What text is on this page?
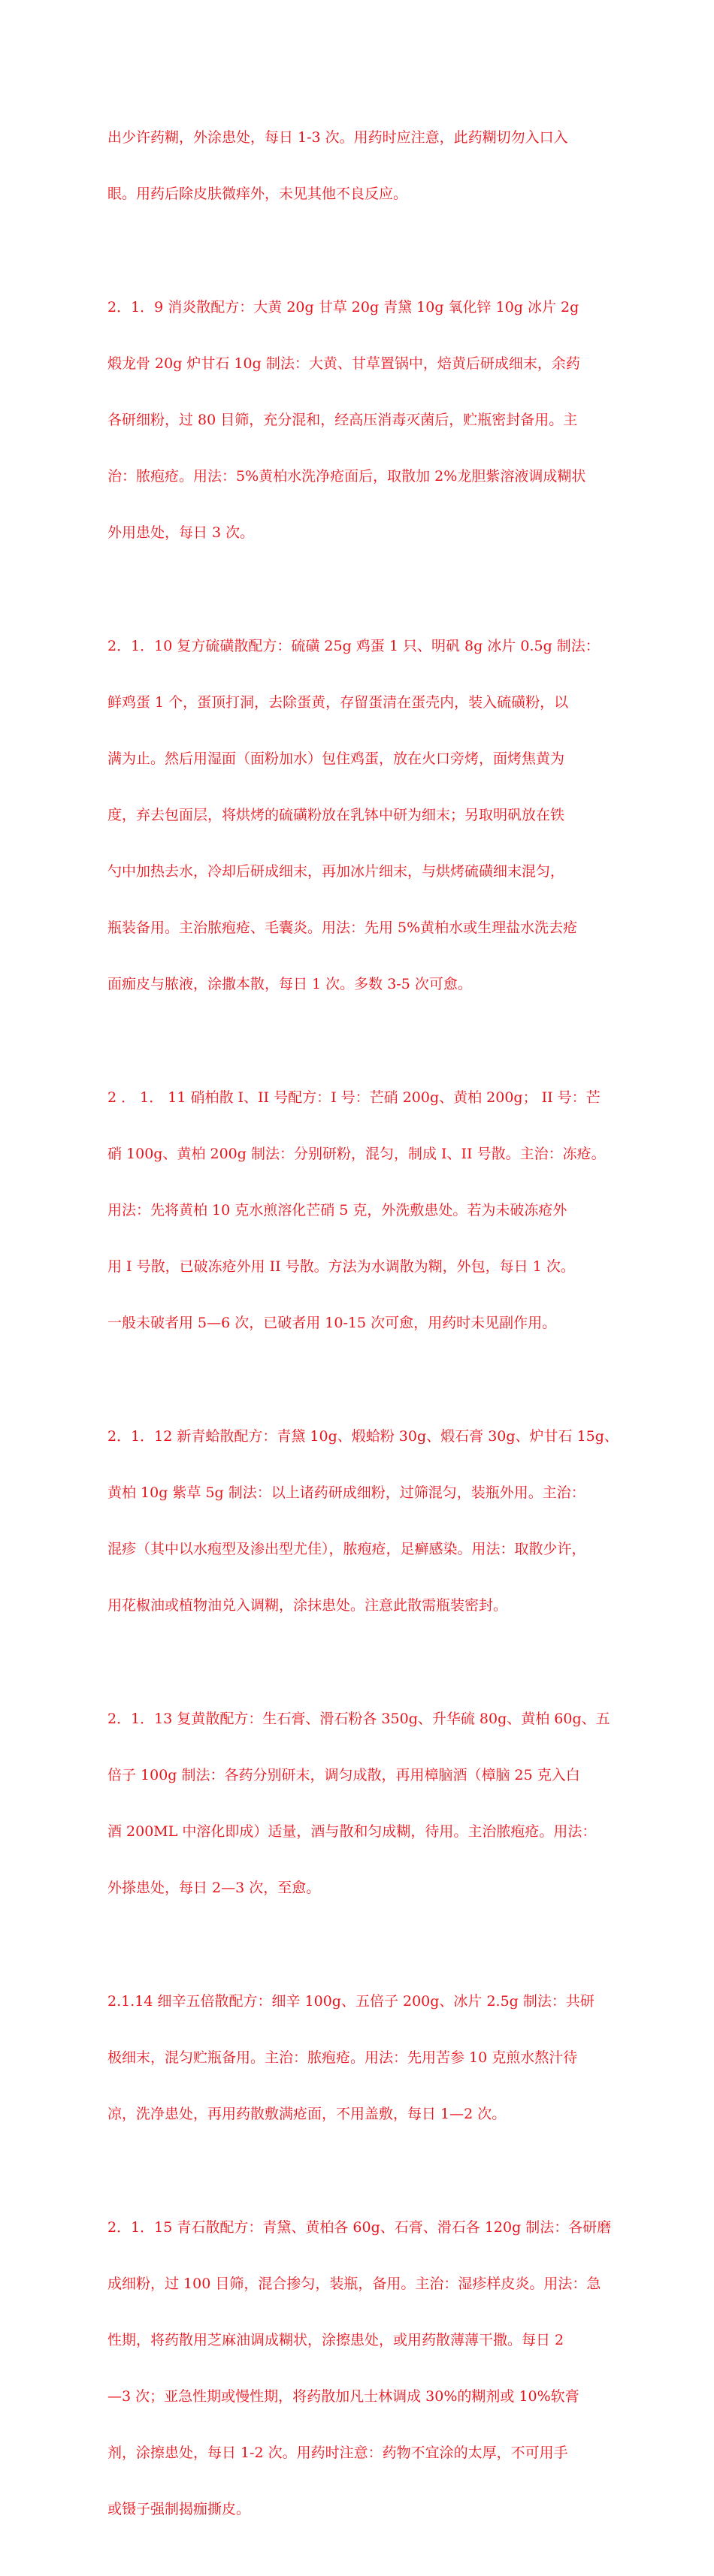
出少许药糊，外涂患处，每日 1-3 次。用药时应注意，此药糊切勿入口入

眼。用药后除皮肤微痒外，未见其他不良反应。

2．1．9 消炎散配方：大黄 20g 甘草 20g 青黛 10g 氧化锌 10g 冰片 2g

煅龙骨 20g 炉甘石 10g 制法：大黄、甘草置锅中，焙黄后研成细末，余药

各研细粉，过 80 目筛，充分混和，经高压消毒灭菌后，贮瓶密封备用。主

治：脓疱疮。用法：5%黄柏水洗净疮面后，取散加 2%龙胆紫溶液调成糊状

外用患处，每日 3 次。

2．1．10 复方硫磺散配方：硫磺 25g 鸡蛋 1 只、明矾 8g 冰片 0.5g 制法：

鲜鸡蛋 1 个，蛋顶打洞，去除蛋黄，存留蛋清在蛋壳内，装入硫磺粉，以

满为止。然后用湿面（面粉加水）包住鸡蛋，放在火口旁烤，面烤焦黄为

度，弃去包面层，将烘烤的硫磺粉放在乳钵中研为细末；另取明矾放在铁

勺中加热去水，冷却后研成细末，再加冰片细末，与烘烤硫磺细末混匀，

瓶装备用。主治脓疱疮、毛囊炎。用法：先用 5%黄柏水或生理盐水洗去疮

面痂皮与脓液，涂撒本散，每日 1 次。多数 3-5 次可愈。

2 ． 1． 11 硝柏散 I、II 号配方：I 号：芒硝 200g、黄柏 200g； II 号：芒

硝 100g、黄柏 200g 制法：分别研粉，混匀，制成 I、II 号散。主治：冻疮。

用法：先将黄柏 10 克水煎溶化芒硝 5 克，外洗敷患处。若为未破冻疮外

用 I 号散，已破冻疮外用 II 号散。方法为水调散为糊，外包，每日 1 次。

一般未破者用 5—6 次，已破者用 10-15 次可愈，用药时未见副作用。

2．1．12 新青蛤散配方：青黛 10g、煅蛤粉 30g、煅石膏 30g、炉甘石 15g、

黄柏 10g 紫草 5g 制法：以上诸药研成细粉，过筛混匀，装瓶外用。主治：

混疹（其中以水疱型及渗出型尤佳），脓疱疮，足癣感染。用法：取散少许，

用花椒油或植物油兑入调糊，涂抹患处。注意此散需瓶装密封。

2．1．13 复黄散配方：生石膏、滑石粉各 350g、升华硫 80g、黄柏 60g、五

倍子 100g 制法：各药分别研末，调匀成散，再用樟脑酒（樟脑 25 克入白

酒 200ML 中溶化即成）适量，酒与散和匀成糊，待用。主治脓疱疮。用法：

外搽患处，每日 2—3 次，至愈。

2.1.14 细辛五倍散配方：细辛 100g、五倍子 200g、冰片 2.5g 制法：共研

极细末，混匀贮瓶备用。主治：脓疱疮。用法：先用苦参 10 克煎水熬汁待

凉，洗净患处，再用药散敷满疮面，不用盖敷，每日 1—2 次。

2．1．15 青石散配方：青黛、黄柏各 60g、石膏、滑石各 120g 制法：各研磨

成细粉，过 100 目筛，混合掺匀，装瓶，备用。主治：湿疹样皮炎。用法：急

性期，将药散用芝麻油调成糊状，涂擦患处，或用药散薄薄干撒。每日 2

—3 次；亚急性期或慢性期，将药散加凡士林调成 30%的糊剂或 10%软膏

剂，涂擦患处，每日 1-2 次。用药时注意：药物不宜涂的太厚，不可用手

或镊子强制揭痂撕皮。
